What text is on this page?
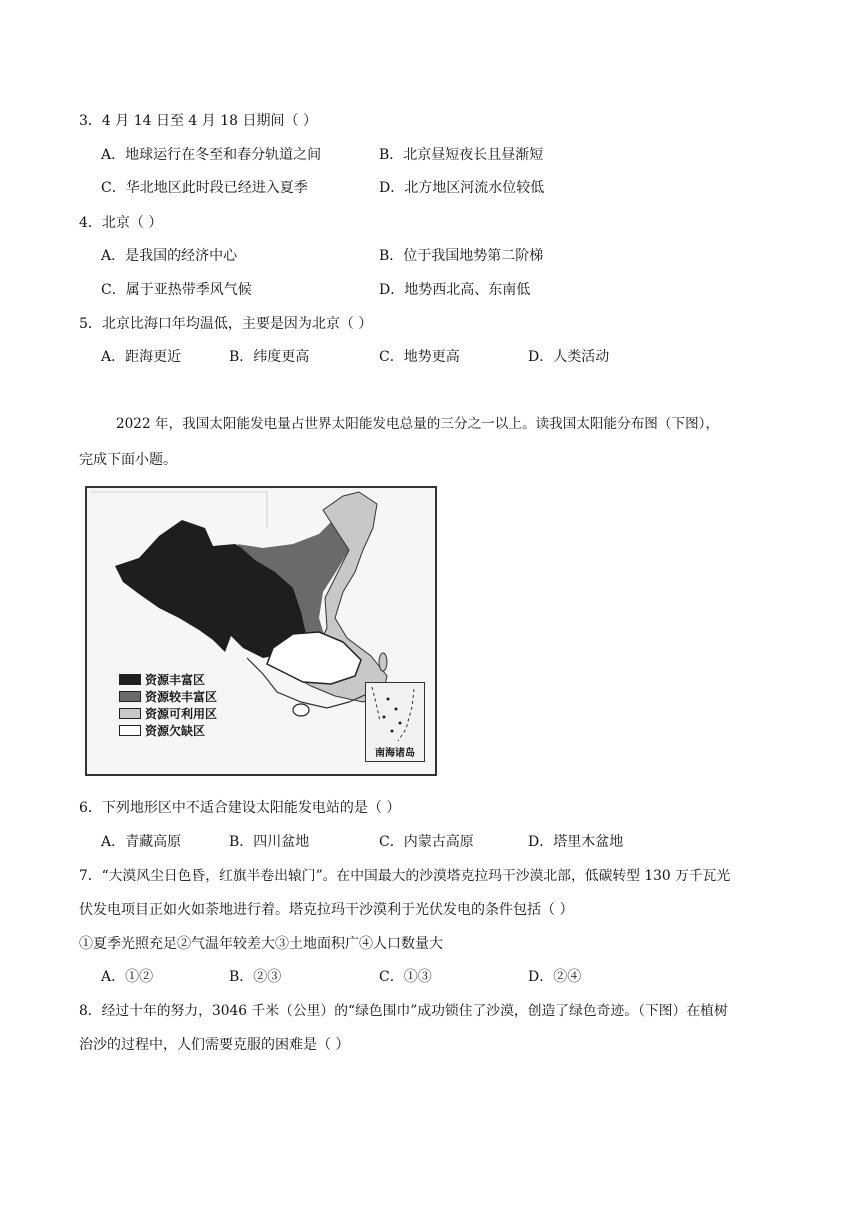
3．4 月 14 日至 4 月 18 日期间（ ）
A．地球运行在冬至和春分轨道之间	B．北京昼短夜长且昼渐短
C．华北地区此时段已经进入夏季	D．北方地区河流水位较低
4．北京（ ）
A．是我国的经济中心	B．位于我国地势第二阶梯
C．属于亚热带季风气候	D．地势西北高、东南低
5．北京比海口年均温低，主要是因为北京（ ）
A．距海更近	B．纬度更高	C．地势更高	D．人类活动
2022 年，我国太阳能发电量占世界太阳能发电总量的三分之一以上。读我国太阳能分布图（下图），
完成下面小题。
资源丰富区
资源较丰富区
资源可利用区
资源欠缺区
南海诸岛
6．下列地形区中不适合建设太阳能发电站的是（ ）
A．青藏高原	B．四川盆地	C．内蒙古高原	D．塔里木盆地
7．“大漠风尘日色昏，红旗半卷出辕门”。在中国最大的沙漠塔克拉玛干沙漠北部，低碳转型 130 万千瓦光
伏发电项目正如火如荼地进行着。塔克拉玛干沙漠利于光伏发电的条件包括（ ）
①夏季光照充足②气温年较差大③土地面积广④人口数量大
A．①②	B．②③	C．①③	D．②④
8．经过十年的努力，3046 千米（公里）的“绿色围巾”成功锁住了沙漠，创造了绿色奇迹。（下图）在植树
治沙的过程中，人们需要克服的困难是（ ）
